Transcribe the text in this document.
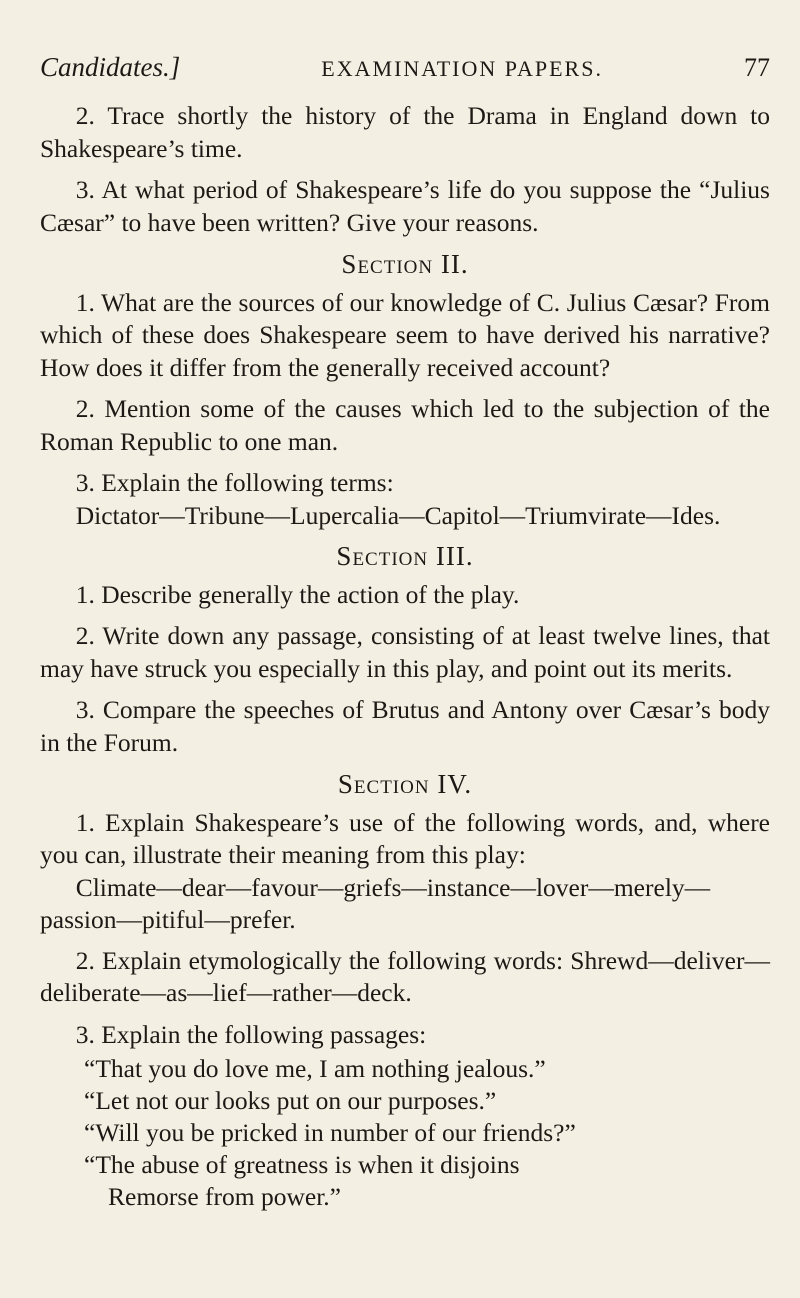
Candidates.]	EXAMINATION PAPERS.	77

2. Trace shortly the history of the Drama in England down to Shakespeare’s time.

3. At what period of Shakespeare’s life do you suppose the “Julius Cæsar” to have been written? Give your reasons.

Section II.

1. What are the sources of our knowledge of C. Julius Cæsar? From which of these does Shakespeare seem to have derived his narrative? How does it differ from the generally received account?

2. Mention some of the causes which led to the subjection of the Roman Republic to one man.

3. Explain the following terms:

Dictator—Tribune—Lupercalia—Capitol—Triumvirate—Ides.

Section III.

1. Describe generally the action of the play.

2. Write down any passage, consisting of at least twelve lines, that may have struck you especially in this play, and point out its merits.

3. Compare the speeches of Brutus and Antony over Cæsar’s body in the Forum.

Section IV.

1. Explain Shakespeare’s use of the following words, and, where you can, illustrate their meaning from this play:

Climate—dear—favour—griefs—instance—lover—merely—passion—pitiful—prefer.

2. Explain etymologically the following words: Shrewd—deliver—deliberate—as—lief—rather—deck.

3. Explain the following passages:

“That you do love me, I am nothing jealous.”

“Let not our looks put on our purposes.”

“Will you be pricked in number of our friends?”

“The abuse of greatness is when it disjoins

Remorse from power.”
